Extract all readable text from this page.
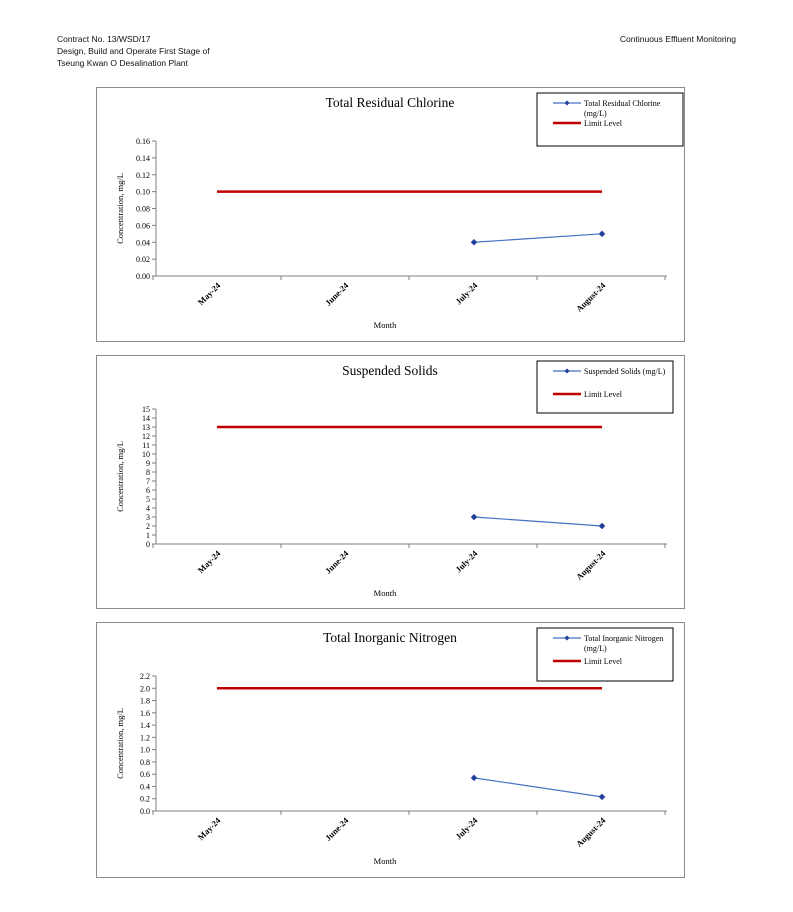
Contract No. 13/WSD/17
Design, Build and Operate First Stage of
Tseung Kwan O Desalination Plant
Continuous Effluent Monitoring
Total Residual Chlorine
0.00
0.02
0.04
0.06
0.08
0.10
0.12
0.14
0.16
May-24	June-24	July-24	August-24
Month
Concentration, mg/L
Total Residual Chlorine
(mg/L)
Limit Level
Suspended Solids
0
1
2
3
4
5
6
7
8
9
10
11
12
13
14
15
May-24	June-24	July-24	August-24
Month
Concentration, mg/L
Suspended Solids (mg/L)
Limit Level
Total Inorganic Nitrogen
0.0
0.2
0.4
0.6
0.8
1.0
1.2
1.4
1.6
1.8
2.0
2.2
May-24	June-24	July-24	August-24
Month
Concentration, mg/L
Total Inorganic Nitrogen
(mg/L)
Limit Level
